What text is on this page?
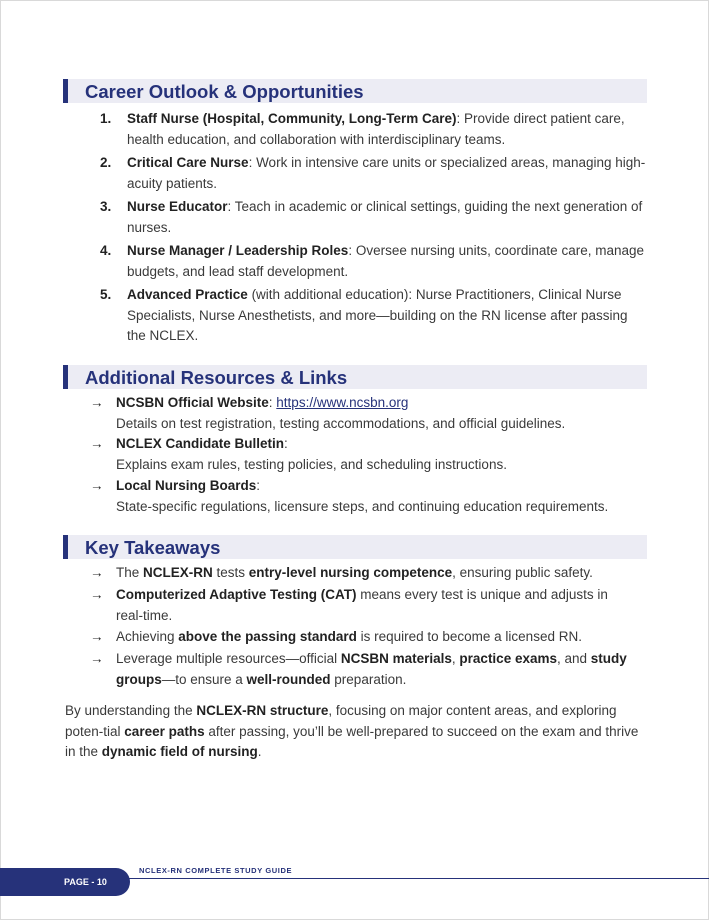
Career Outlook & Opportunities
1. Staff Nurse (Hospital, Community, Long-Term Care): Provide direct patient care, health education, and collaboration with interdisciplinary teams.
2. Critical Care Nurse: Work in intensive care units or specialized areas, managing high-acuity patients.
3. Nurse Educator: Teach in academic or clinical settings, guiding the next generation of nurses.
4. Nurse Manager / Leadership Roles: Oversee nursing units, coordinate care, manage budgets, and lead staff development.
5. Advanced Practice (with additional education): Nurse Practitioners, Clinical Nurse Specialists, Nurse Anesthetists, and more—building on the RN license after passing the NCLEX.
Additional Resources & Links
→ NCSBN Official Website: https://www.ncsbn.org
Details on test registration, testing accommodations, and official guidelines.
→ NCLEX Candidate Bulletin:
Explains exam rules, testing policies, and scheduling instructions.
→ Local Nursing Boards:
State-specific regulations, licensure steps, and continuing education requirements.
Key Takeaways
→ The NCLEX-RN tests entry-level nursing competence, ensuring public safety.
→ Computerized Adaptive Testing (CAT) means every test is unique and adjusts in real-time.
→ Achieving above the passing standard is required to become a licensed RN.
→ Leverage multiple resources—official NCSBN materials, practice exams, and study groups—to ensure a well-rounded preparation.
By understanding the NCLEX-RN structure, focusing on major content areas, and exploring poten-tial career paths after passing, you’ll be well-prepared to succeed on the exam and thrive in the dynamic field of nursing.
PAGE - 10
NCLEX-RN COMPLETE STUDY GUIDE
